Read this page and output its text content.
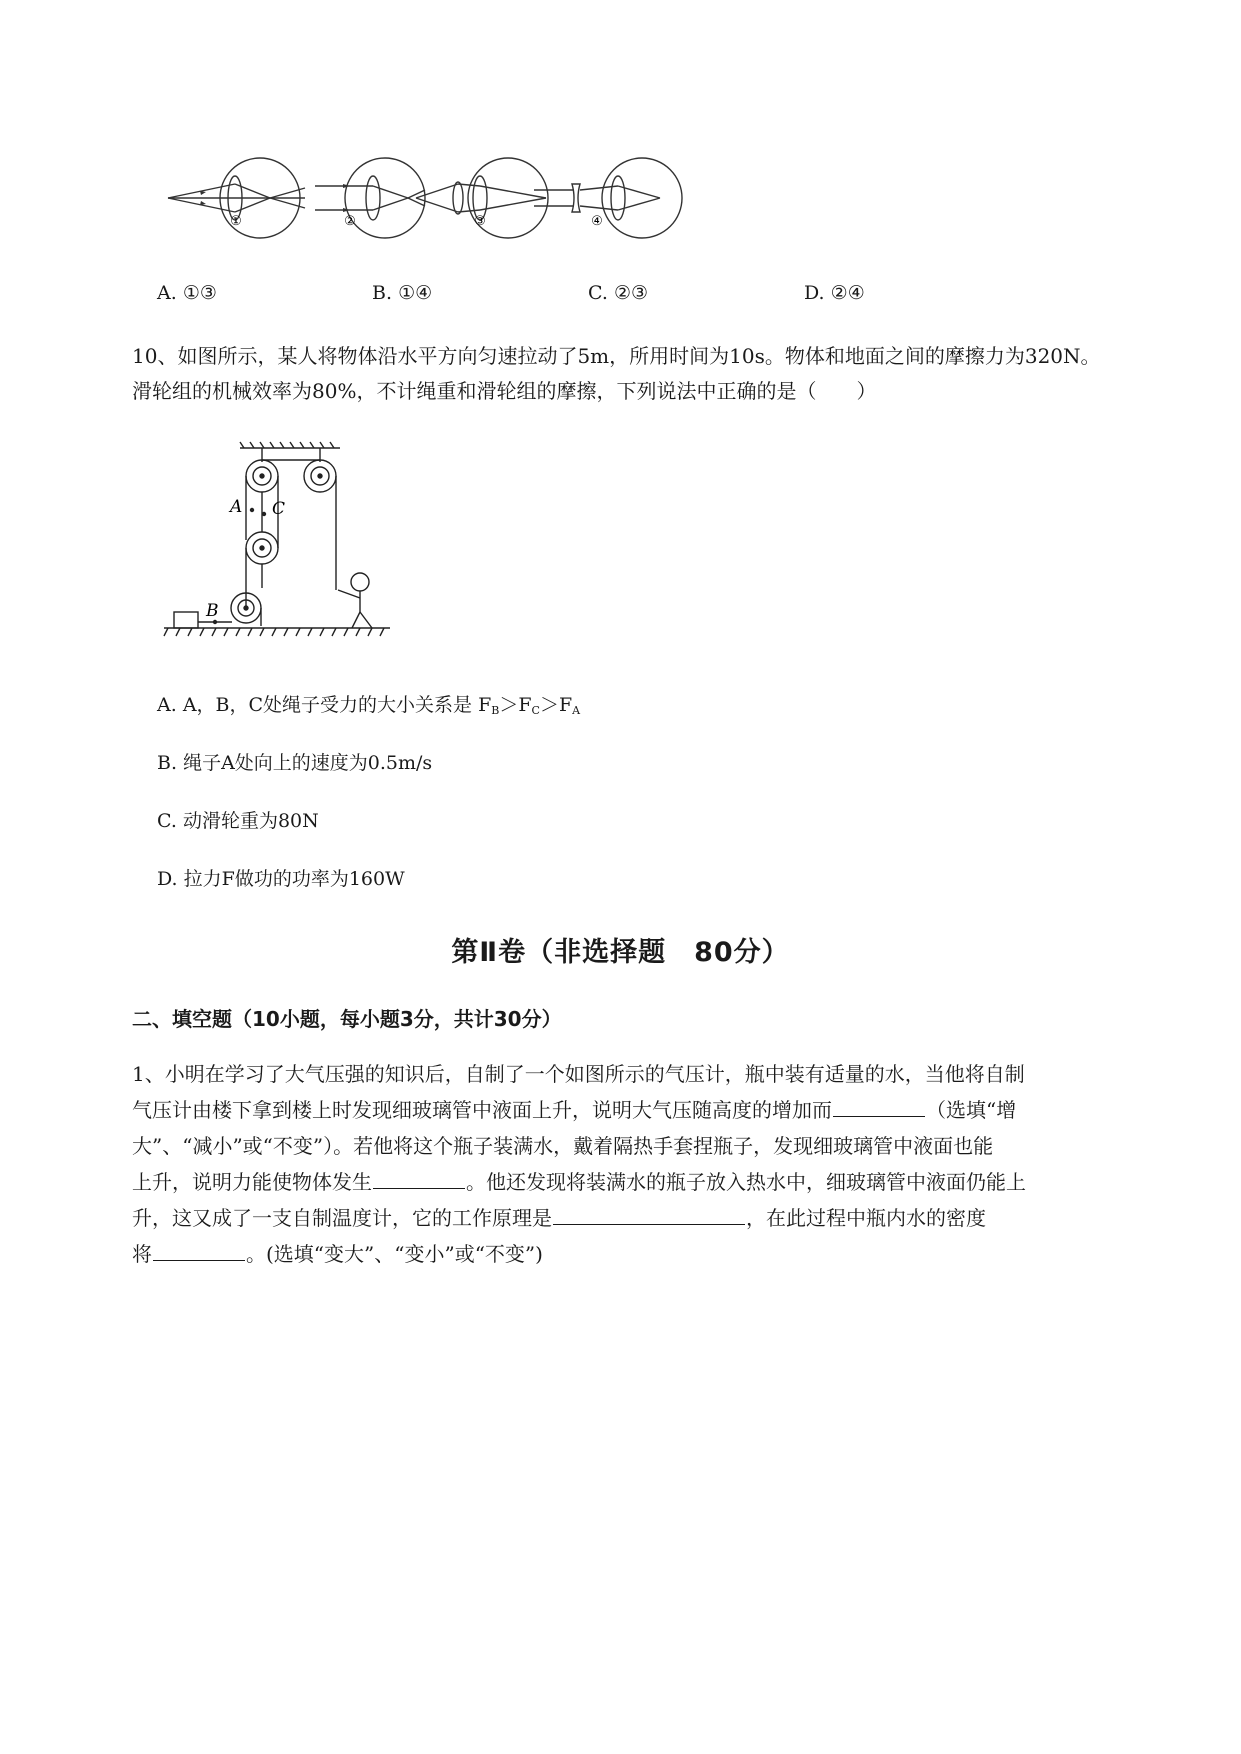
①	②	③	④
A. ①③	B. ①④	C. ②③	D. ②④
10、如图所示，某人将物体沿水平方向匀速拉动了5m，所用时间为10s。物体和地面之间的摩擦力为320N。
滑轮组的机械效率为80%，不计绳重和滑轮组的摩擦，下列说法中正确的是（　　）
A C
B
A. A，B，C处绳子受力的大小关系是 $F_B>F_C>F_A$
B. 绳子A处向上的速度为0.5m/s
C. 动滑轮重为80N
D. 拉力F做功的功率为160W
第Ⅱ卷（非选择题　80分）
二、填空题（10小题，每小题3分，共计30分）
1、小明在学习了大气压强的知识后，自制了一个如图所示的气压计，瓶中装有适量的水，当他将自制
气压计由楼下拿到楼上时发现细玻璃管中液面上升，说明大气压随高度的增加而	（选填“增
大”、“减小”或“不变”）。若他将这个瓶子装满水，戴着隔热手套捏瓶子，发现细玻璃管中液面也能
上升，说明力能使物体发生	。他还发现将装满水的瓶子放入热水中，细玻璃管中液面仍能上
升，这又成了一支自制温度计，它的工作原理是	，在此过程中瓶内水的密度
将	。(选填“变大”、“变小”或“不变”)
